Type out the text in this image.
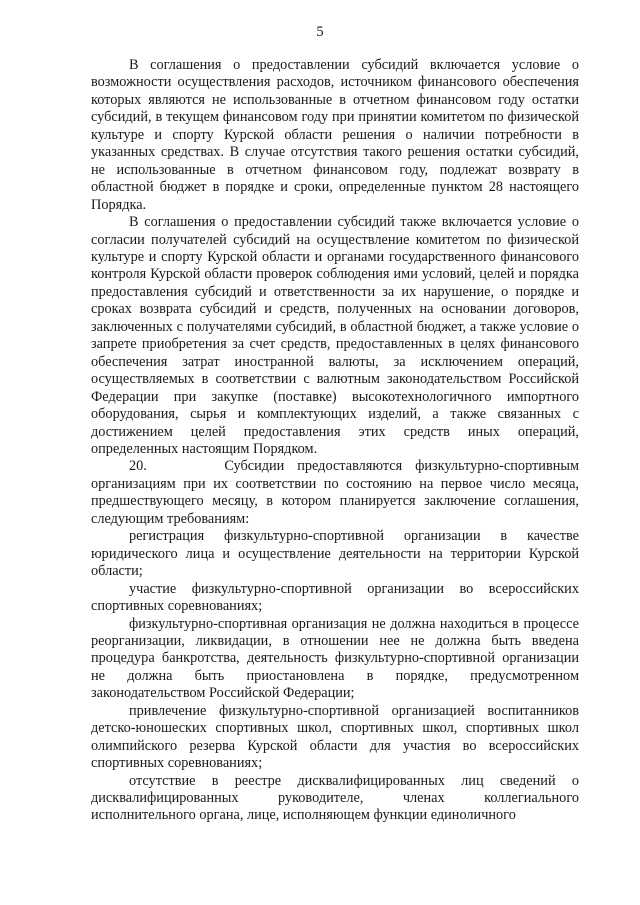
5

В соглашения о предоставлении субсидий включается условие о возможности осуществления расходов, источником финансового обеспечения которых являются не использованные в отчетном финансовом году остатки субсидий, в текущем финансовом году при принятии комитетом по физической культуре и спорту Курской области решения о наличии потребности в указанных средствах. В случае отсутствия такого решения остатки субсидий, не использованные в отчетном финансовом году, подлежат возврату в областной бюджет в порядке и сроки, определенные пунктом 28 настоящего Порядка.

В соглашения о предоставлении субсидий также включается условие о согласии получателей субсидий на осуществление комитетом по физической культуре и спорту Курской области и органами государственного финансового контроля Курской области проверок соблюдения ими условий, целей и порядка предоставления субсидий и ответственности за их нарушение, о порядке и сроках возврата субсидий и средств, полученных на основании договоров, заключенных с получателями субсидий, в областной бюджет, а также условие о запрете приобретения за счет средств, предоставленных в целях финансового обеспечения затрат иностранной валюты, за исключением операций, осуществляемых в соответствии с валютным законодательством Российской Федерации при закупке (поставке) высокотехнологичного импортного оборудования, сырья и комплектующих изделий, а также связанных с достижением целей предоставления этих средств иных операций, определенных настоящим Порядком.

20.      Субсидии предоставляются физкультурно-спортивным организациям при их соответствии по состоянию на первое число месяца, предшествующего месяцу, в котором планируется заключение соглашения, следующим требованиям:

регистрация физкультурно-спортивной организации в качестве юридического лица и осуществление деятельности на территории Курской области;

участие физкультурно-спортивной организации во всероссийских спортивных соревнованиях;

физкультурно-спортивная организация не должна находиться в процессе реорганизации, ликвидации, в отношении нее не должна быть введена процедура банкротства, деятельность физкультурно-спортивной организации не должна быть приостановлена в порядке, предусмотренном законодательством Российской Федерации;

привлечение физкультурно-спортивной организацией воспитанников детско-юношеских спортивных школ, спортивных школ, спортивных школ олимпийского резерва Курской области для участия во всероссийских спортивных соревнованиях;

отсутствие в реестре дисквалифицированных лиц сведений о дисквалифицированных руководителе, членах коллегиального исполнительного органа, лице, исполняющем функции единоличного
